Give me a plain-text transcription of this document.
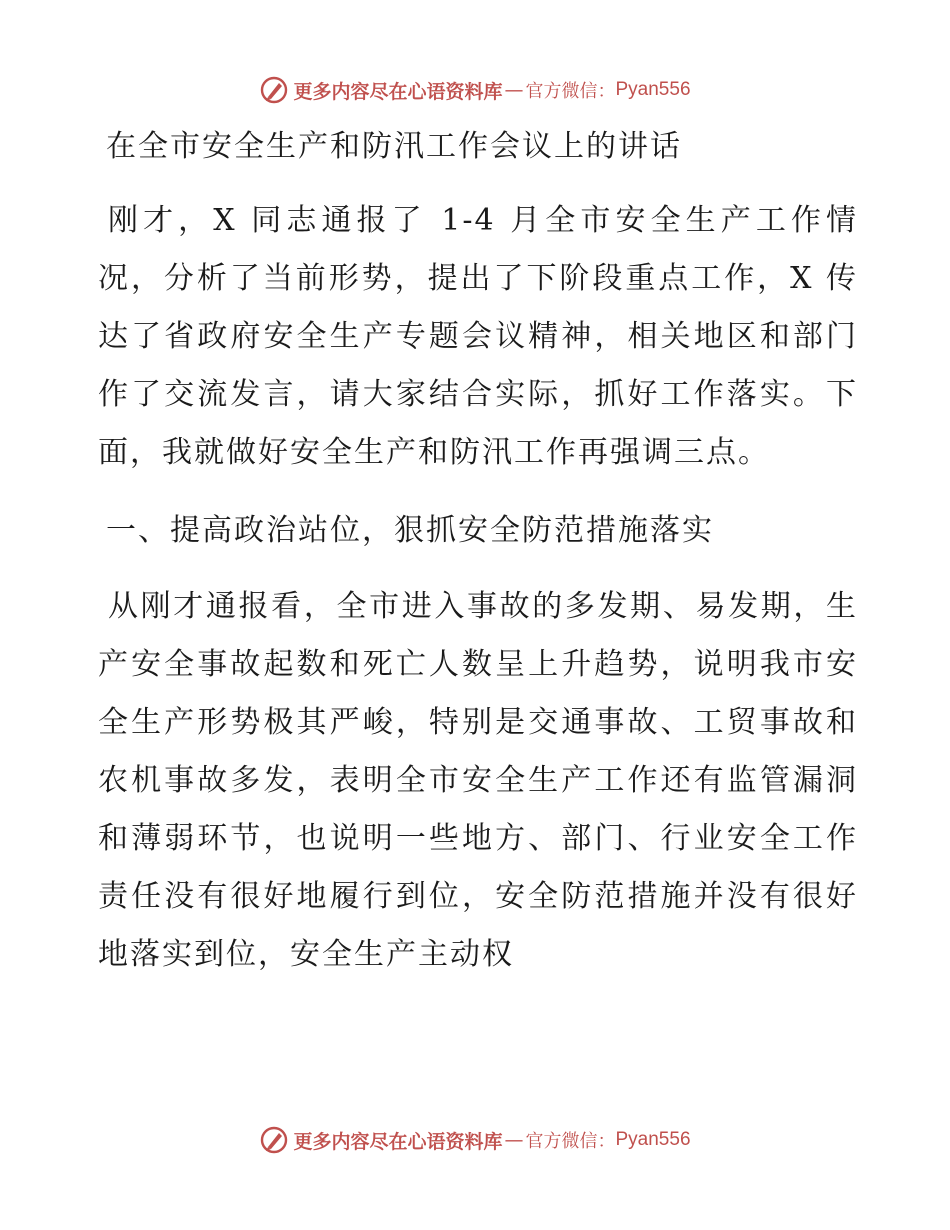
更多内容尽在心语资料库 — 官方微信： Pyan556
在全市安全生产和防汛工作会议上的讲话

刚才，X 同志通报了 1-4 月全市安全生产工作情况，分析了当前形势，提出了下阶段重点工作，X 传达了省政府安全生产专题会议精神，相关地区和部门作了交流发言，请大家结合实际，抓好工作落实。下面，我就做好安全生产和防汛工作再强调三点。

一、提高政治站位，狠抓安全防范措施落实

从刚才通报看，全市进入事故的多发期、易发期，生产安全事故起数和死亡人数呈上升趋势，说明我市安全生产形势极其严峻，特别是交通事故、工贸事故和农机事故多发，表明全市安全生产工作还有监管漏洞和薄弱环节，也说明一些地方、部门、行业安全工作责任没有很好地履行到位，安全防范措施并没有很好地落实到位，安全生产主动权

更多内容尽在心语资料库 — 官方微信： Pyan556
